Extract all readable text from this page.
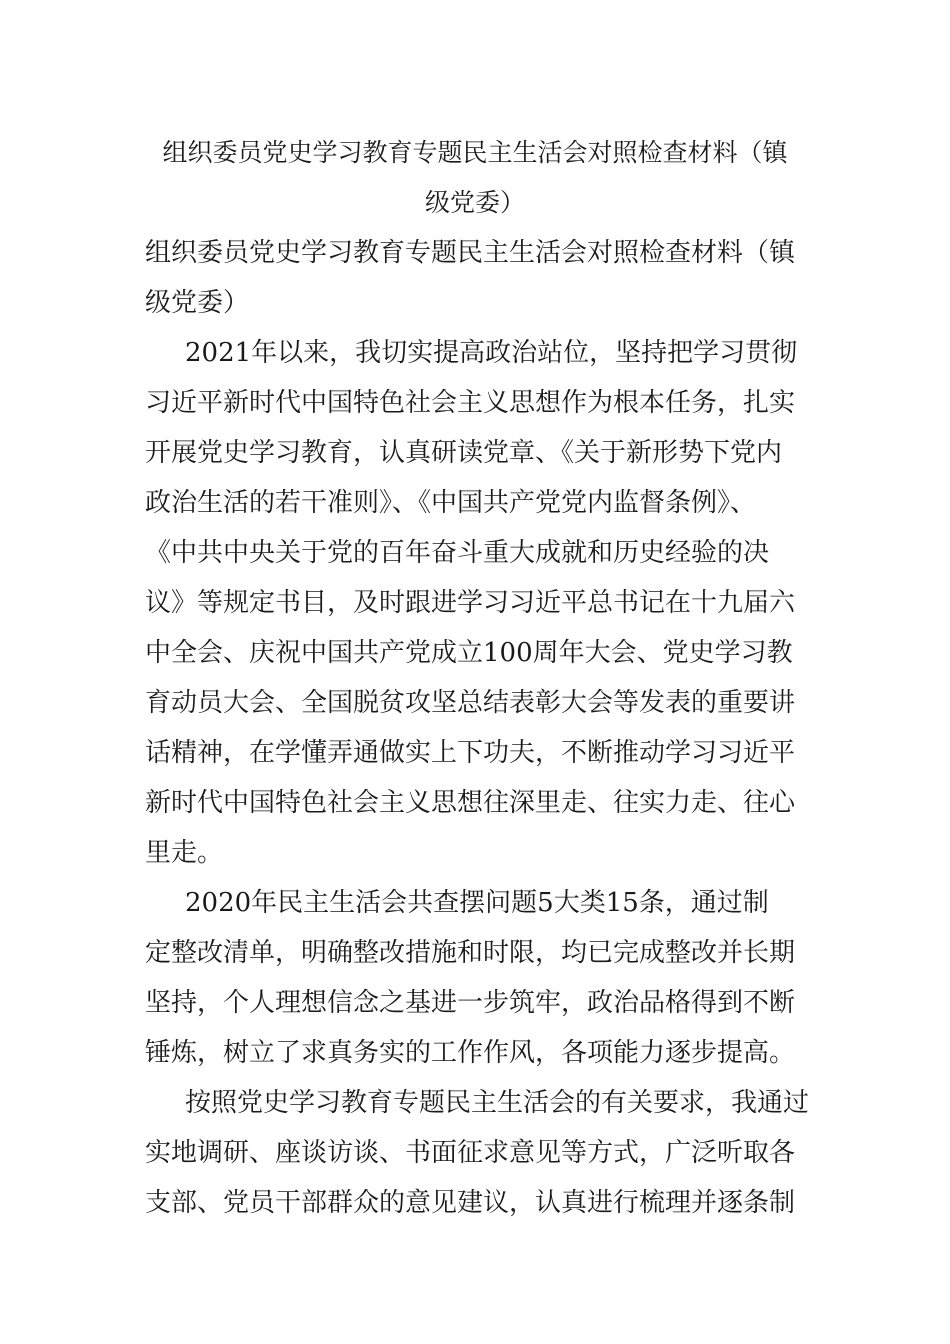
组织委员党史学习教育专题民主生活会对照检查材料（镇
级党委）

组织委员党史学习教育专题民主生活会对照检查材料（镇
级党委）

2021年以来，我切实提高政治站位，坚持把学习贯彻
习近平新时代中国特色社会主义思想作为根本任务，扎实
开展党史学习教育，认真研读党章、《关于新形势下党内
政治生活的若干准则》、《中国共产党党内监督条例》、
《中共中央关于党的百年奋斗重大成就和历史经验的决
议》等规定书目，及时跟进学习习近平总书记在十九届六
中全会、庆祝中国共产党成立100周年大会、党史学习教
育动员大会、全国脱贫攻坚总结表彰大会等发表的重要讲
话精神，在学懂弄通做实上下功夫，不断推动学习习近平
新时代中国特色社会主义思想往深里走、往实力走、往心
里走。

2020年民主生活会共查摆问题5大类15条，通过制
定整改清单，明确整改措施和时限，均已完成整改并长期
坚持，个人理想信念之基进一步筑牢，政治品格得到不断
锤炼，树立了求真务实的工作作风，各项能力逐步提高。

按照党史学习教育专题民主生活会的有关要求，我通过
实地调研、座谈访谈、书面征求意见等方式，广泛听取各
支部、党员干部群众的意见建议，认真进行梳理并逐条制
